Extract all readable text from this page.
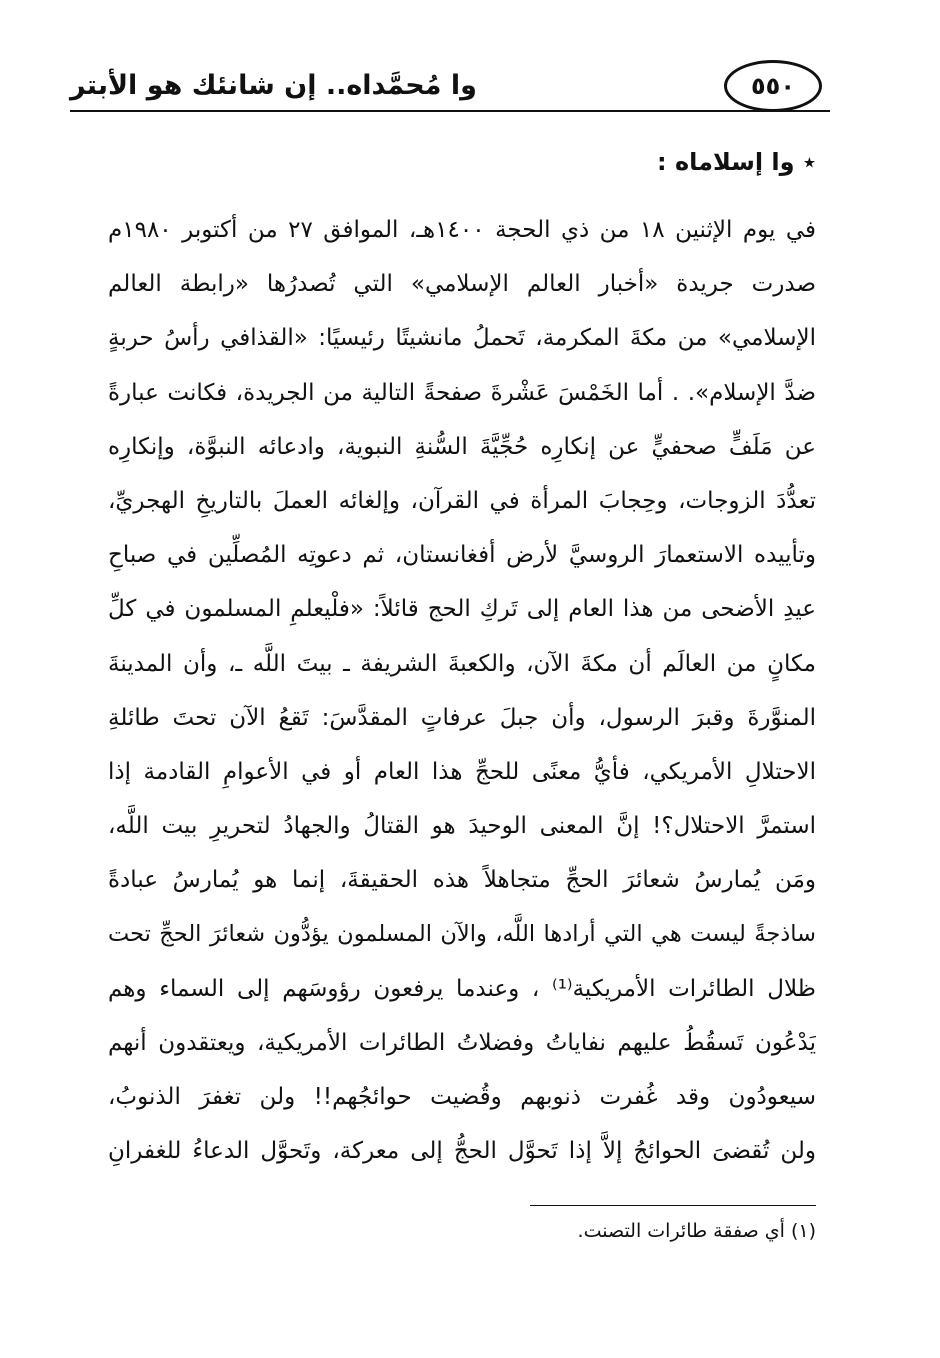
وا مُحمَّداه.. إن شانئك هو الأبتر	٥٥٠
٭ وا إسلاماه :
في يوم الإثنين ١٨ من ذي الحجة ١٤٠٠هـ، الموافق ٢٧ من أكتوبر ١٩٨٠م
صدرت جريدة «أخبار العالم الإسلامي» التي تُصدرُها «رابطة العالم
الإسلامي» من مكةَ المكرمة، تَحملُ مانشيتًا رئيسيًا: «القذافي رأسُ حربةٍ
ضدَّ الإسلام». . أما الخَمْسَ عَشْرةَ صفحةً التالية من الجريدة، فكانت عبارةً
عن مَلَفٍّ صحفيٍّ عن إنكارِه حُجِّيَّةَ السُّنةِ النبوية، وادعائه النبوَّة، وإنكارِه
تعدُّدَ الزوجات، وحِجابَ المرأة في القرآن، وإلغائه العملَ بالتاريخِ الهجريِّ،
وتأييده الاستعمارَ الروسيَّ لأرض أفغانستان، ثم دعوتِه المُصلِّين في صباحِ
عيدِ الأضحى من هذا العام إلى تَركِ الحج قائلاً: «فلْيعلمِ المسلمون في كلِّ
مكانٍ من العالَم أن مكةَ الآن، والكعبةَ الشريفة ـ بيتَ اللَّه ـ، وأن المدينةَ
المنوَّرةَ وقبرَ الرسول، وأن جبلَ عرفاتٍ المقدَّسَ: تَقعُ الآن تحتَ طائلةِ
الاحتلالِ الأمريكي، فأيُّ معنًى للحجِّ هذا العام أو في الأعوامِ القادمة إذا
استمرَّ الاحتلال؟! إنَّ المعنى الوحيدَ هو القتالُ والجهادُ لتحريرِ بيت اللَّه،
ومَن يُمارسُ شعائرَ الحجِّ متجاهلاً هذه الحقيقةَ، إنما هو يُمارسُ عبادةً
ساذجةً ليست هي التي أرادها اللَّه، والآن المسلمون يؤدُّون شعائرَ الحجِّ تحت
ظلال الطائرات الأمريكية⁽¹⁾ ، وعندما يرفعون رؤوسَهم إلى السماء وهم
يَدْعُون تَسقُطُ عليهم نفاياتُ وفضلاتُ الطائرات الأمريكية، ويعتقدون أنهم
سيعودُون وقد غُفرت ذنوبهم وقُضيت حوائجُهم!! ولن تغفرَ الذنوبُ،
ولن تُقضىَ الحوائجُ إلاَّ إذا تَحوَّل الحجُّ إلى معركة، وتَحوَّل الدعاءُ للغفرانِ
(١) أي صفقة طائرات التصنت.
